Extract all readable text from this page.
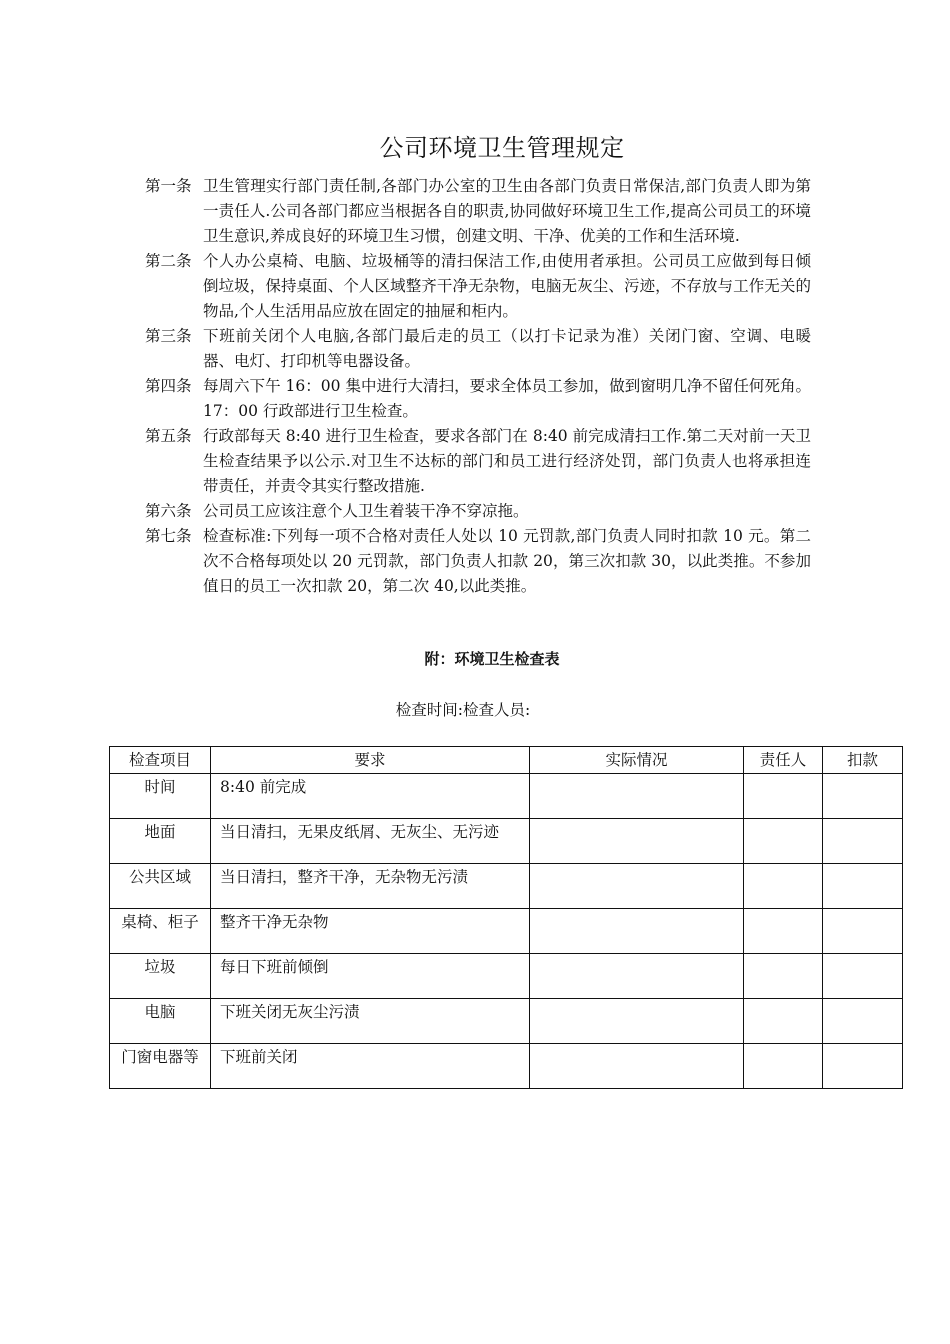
公司环境卫生管理规定
第一条 卫生管理实行部门责任制,各部门办公室的卫生由各部门负责日常保洁,部门负责人即为第一责任人.公司各部门都应当根据各自的职责,协同做好环境卫生工作,提高公司员工的环境卫生意识,养成良好的环境卫生习惯，创建文明、干净、优美的工作和生活环境.
第二条 个人办公桌椅、电脑、垃圾桶等的清扫保洁工作,由使用者承担。公司员工应做到每日倾倒垃圾，保持桌面、个人区域整齐干净无杂物，电脑无灰尘、污迹，不存放与工作无关的物品,个人生活用品应放在固定的抽屉和柜内。
第三条 下班前关闭个人电脑,各部门最后走的员工（以打卡记录为准）关闭门窗、空调、电暖器、电灯、打印机等电器设备。
第四条 每周六下午 16：00 集中进行大清扫，要求全体员工参加，做到窗明几净不留任何死角。17：00 行政部进行卫生检查。
第五条 行政部每天 8:40 进行卫生检查，要求各部门在 8:40 前完成清扫工作.第二天对前一天卫生检查结果予以公示.对卫生不达标的部门和员工进行经济处罚，部门负责人也将承担连带责任，并责令其实行整改措施.
第六条 公司员工应该注意个人卫生着装干净不穿凉拖。
第七条 检查标准:下列每一项不合格对责任人处以 10 元罚款,部门负责人同时扣款 10 元。第二次不合格每项处以 20 元罚款，部门负责人扣款 20，第三次扣款 30，以此类推。不参加值日的员工一次扣款 20，第二次 40,以此类推。
附：环境卫生检查表
检查时间:检查人员:
检查项目	要求	实际情况	责任人	扣款
时间	8:40 前完成			
地面	当日清扫，无果皮纸屑、无灰尘、无污迹			
公共区域	当日清扫，整齐干净，无杂物无污渍			
桌椅、柜子	整齐干净无杂物			
垃圾	每日下班前倾倒			
电脑	下班关闭无灰尘污渍			
门窗电器等	下班前关闭			
